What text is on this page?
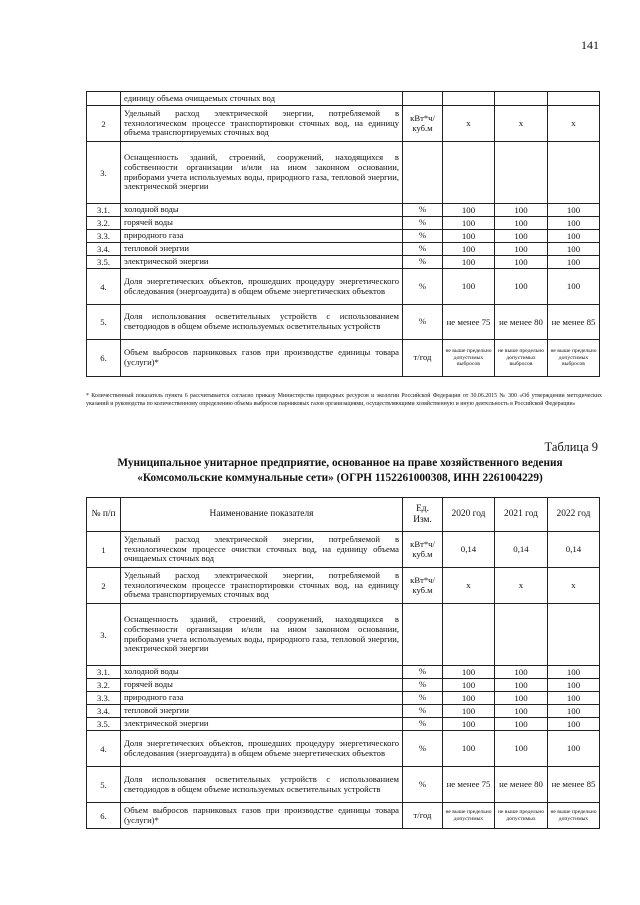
141
	единицу объема очищаемых сточных вод				
2	Удельный расход электрической энергии, потребляемой в технологическом процессе транспортировки сточных вод, на единицу объема транспортируемых сточных вод	кВт*ч/ куб.м	х	х	х
3.	Оснащенность зданий, строений, сооружений, находящихся в собственности организации и/или на ином законном основании, приборами учета используемых воды, природного газа, тепловой энергии, электрической энергии				
3.1.	холодной воды	%	100	100	100
3.2.	горячей воды	%	100	100	100
3.3.	природного газа	%	100	100	100
3.4.	тепловой энергии	%	100	100	100
3.5.	электрической энергии	%	100	100	100
4.	Доля энергетических объектов, прошедших процедуру энергетического обследования (энергоаудита) в общем объеме энергетических объектов	%	100	100	100
5.	Доля использования осветительных устройств с использованием светодиодов в общем объеме используемых осветительных устройств	%	не менее 75	не менее 80	не менее 85
6.	Объем выбросов парниковых газов при производстве единицы товара (услуги)*	т/год	не выше предельно допустимых выбросов	не выше предельно допустимых выбросов	не выше предельно допустимых выбросов
* Количественный показатель пункта 6 рассчитывается согласно приказу Министерства природных ресурсов и экологии Российской Федерации от 30.06.2015 № 300 «Об утверждении методических указаний и руководства по количественному определению объема выбросов парниковых газов организациями, осуществляющими хозяйственную и иную деятельность в Российской Федерации»
Таблица 9
Муниципальное унитарное предприятие, основанное на праве хозяйственного ведения
«Комсомольские коммунальные сети» (ОГРН 1152261000308, ИНН 2261004229)
№ п/п	Наименование показателя	Ед. Изм.	2020 год	2021 год	2022 год
1	Удельный расход электрической энергии, потребляемой в технологическом процессе очистки сточных вод, на единицу объема очищаемых сточных вод	кВт*ч/ куб.м	0,14	0,14	0,14
2	Удельный расход электрической энергии, потребляемой в технологическом процессе транспортировки сточных вод, на единицу объема транспортируемых сточных вод	кВт*ч/ куб.м	х	х	х
3.	Оснащенность зданий, строений, сооружений, находящихся в собственности организации и/или на ином законном основании, приборами учета используемых воды, природного газа, тепловой энергии, электрической энергии				
3.1.	холодной воды	%	100	100	100
3.2.	горячей воды	%	100	100	100
3.3.	природного газа	%	100	100	100
3.4.	тепловой энергии	%	100	100	100
3.5.	электрической энергии	%	100	100	100
4.	Доля энергетических объектов, прошедших процедуру энергетического обследования (энергоаудита) в общем объеме энергетических объектов	%	100	100	100
5.	Доля использования осветительных устройств с использованием светодиодов в общем объеме используемых осветительных устройств	%	не менее 75	не менее 80	не менее 85
6.	Объем выбросов парниковых газов при производстве единицы товара (услуги)*	т/год	не выше предельно допустимых	не выше предельно допустимых	не выше предельно допустимых
